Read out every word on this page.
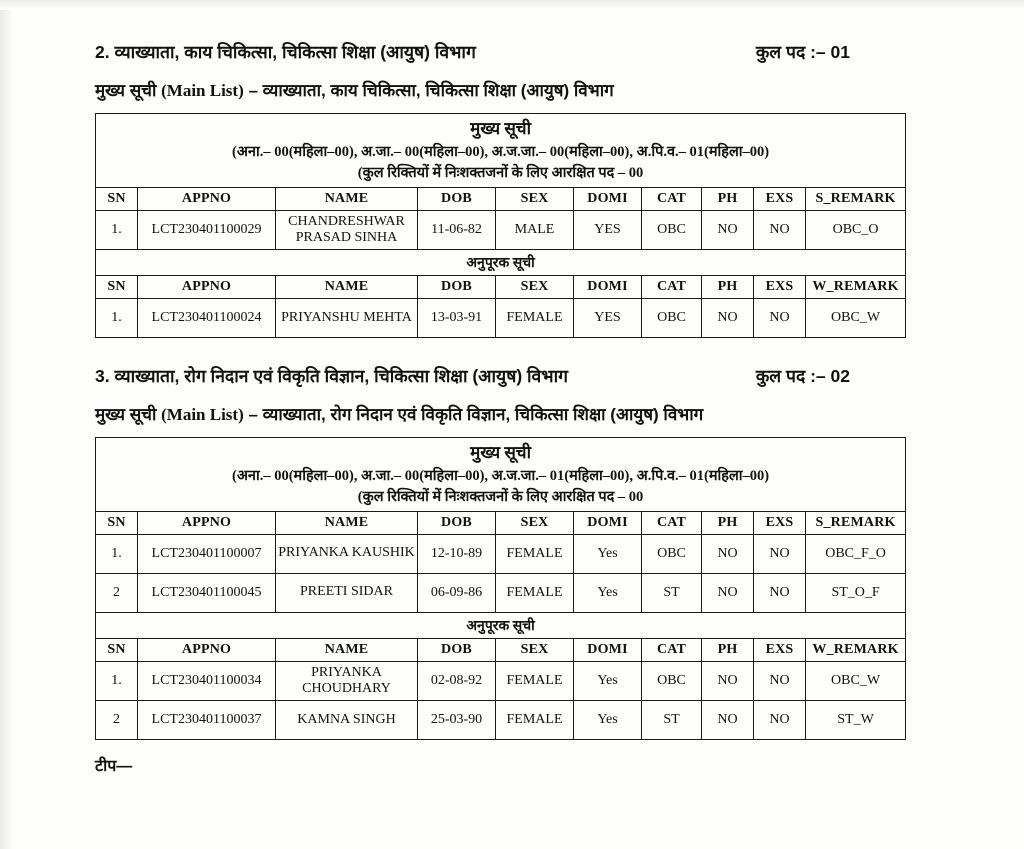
2. व्याख्याता, काय चिकित्सा, चिकित्सा शिक्षा (आयुष) विभाग	कुल पद :– 01
मुख्य सूची (Main List) – व्याख्याता, काय चिकित्सा, चिकित्सा शिक्षा (आयुष) विभाग
मुख्य सूची
(अना.– 00(महिला–00), अ.जा.– 00(महिला–00), अ.ज.जा.– 00(महिला–00), अ.पि.व.– 01(महिला–00)
(कुल रिक्तियों में निःशक्तजनों के लिए आरक्षित पद – 00									

SN	APPNO	NAME	DOB	SEX	DOMI	CAT	PH	EXS	S_REMARK
1.	LCT230401100029	CHANDRESHWAR PRASAD SINHA	11-06-82	MALE	YES	OBC	NO	NO	OBC_O
अनुपूरक सूची									
SN	APPNO	NAME	DOB	SEX	DOMI	CAT	PH	EXS	W_REMARK
1.	LCT230401100024	PRIYANSHU MEHTA	13-03-91	FEMALE	YES	OBC	NO	NO	OBC_W
3. व्याख्याता, रोग निदान एवं विकृति विज्ञान, चिकित्सा शिक्षा (आयुष) विभाग	कुल पद :– 02
मुख्य सूची (Main List) – व्याख्याता, रोग निदान एवं विकृति विज्ञान, चिकित्सा शिक्षा (आयुष) विभाग
मुख्य सूची
(अना.– 00(महिला–00), अ.जा.– 00(महिला–00), अ.ज.जा.– 01(महिला–00), अ.पि.व.– 01(महिला–00)
(कुल रिक्तियों में निःशक्तजनों के लिए आरक्षित पद – 00									

SN	APPNO	NAME	DOB	SEX	DOMI	CAT	PH	EXS	S_REMARK
1.	LCT230401100007	PRIYANKA KAUSHIK	12-10-89	FEMALE	Yes	OBC	NO	NO	OBC_F_O
2	LCT230401100045	PREETI SIDAR	06-09-86	FEMALE	Yes	ST	NO	NO	ST_O_F
अनुपूरक सूची									
SN	APPNO	NAME	DOB	SEX	DOMI	CAT	PH	EXS	W_REMARK
1.	LCT230401100034	PRIYANKA CHOUDHARY	02-08-92	FEMALE	Yes	OBC	NO	NO	OBC_W
2	LCT230401100037	KAMNA SINGH	25-03-90	FEMALE	Yes	ST	NO	NO	ST_W
टीप—
